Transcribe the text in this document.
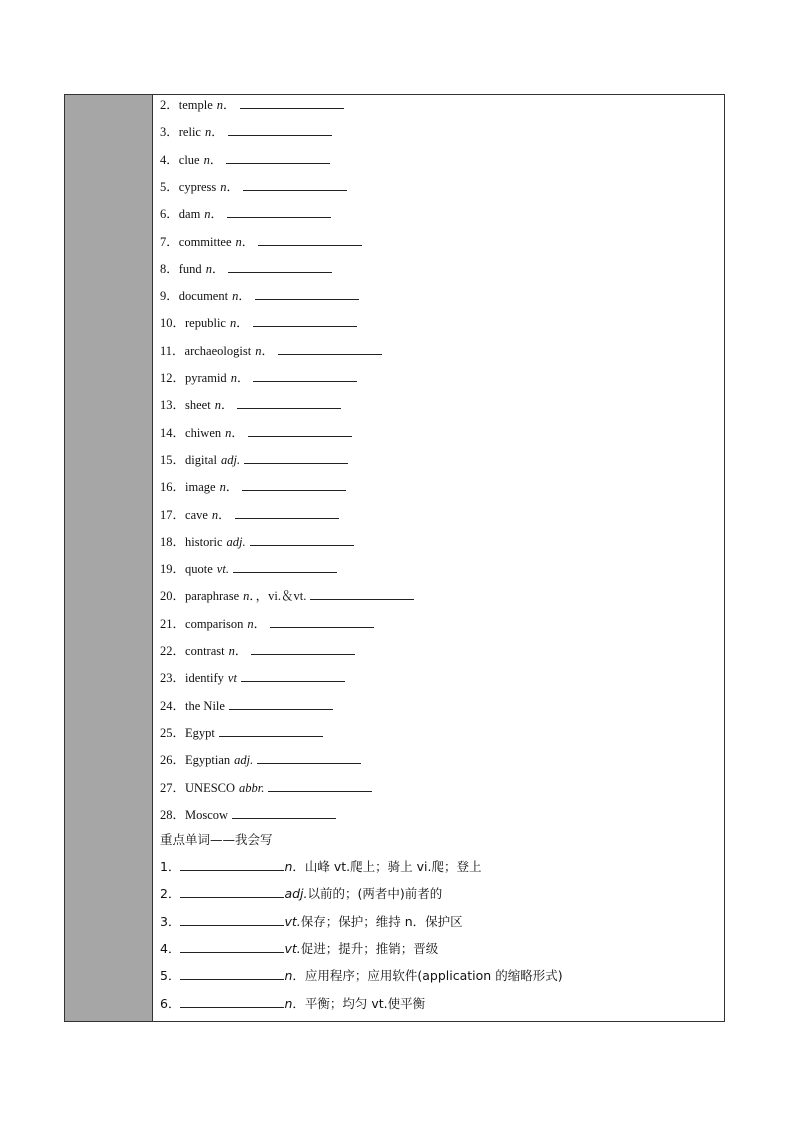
2．temple n．
3．relic n．
4．clue n．
5．cypress n．
6．dam n．
7．committee n．
8．fund n．
9．document n．
10．republic n．
11．archaeologist n．
12．pyramid n．
13．sheet n．
14．chiwen n．
15．digital adj.
16．image n．
17．cave n．
18．historic adj.
19．quote vt.
20．paraphrase n．，vi.＆vt.
21．comparison n．
22．contrast n．
23．identify vt
24．the Nile
25．Egypt
26．Egyptian adj.
27．UNESCO abbr.
28．Moscow
重点单词——我会写
1．	n．山峰 vt.爬上；骑上 vi.爬；登上
2．	adj.以前的；(两者中)前者的
3．	vt.保存；保护；维持 n．保护区
4．	vt.促进；提升；推销；晋级
5．	n．应用程序；应用软件(application 的缩略形式)
6．	n．平衡；均匀 vt.使平衡
